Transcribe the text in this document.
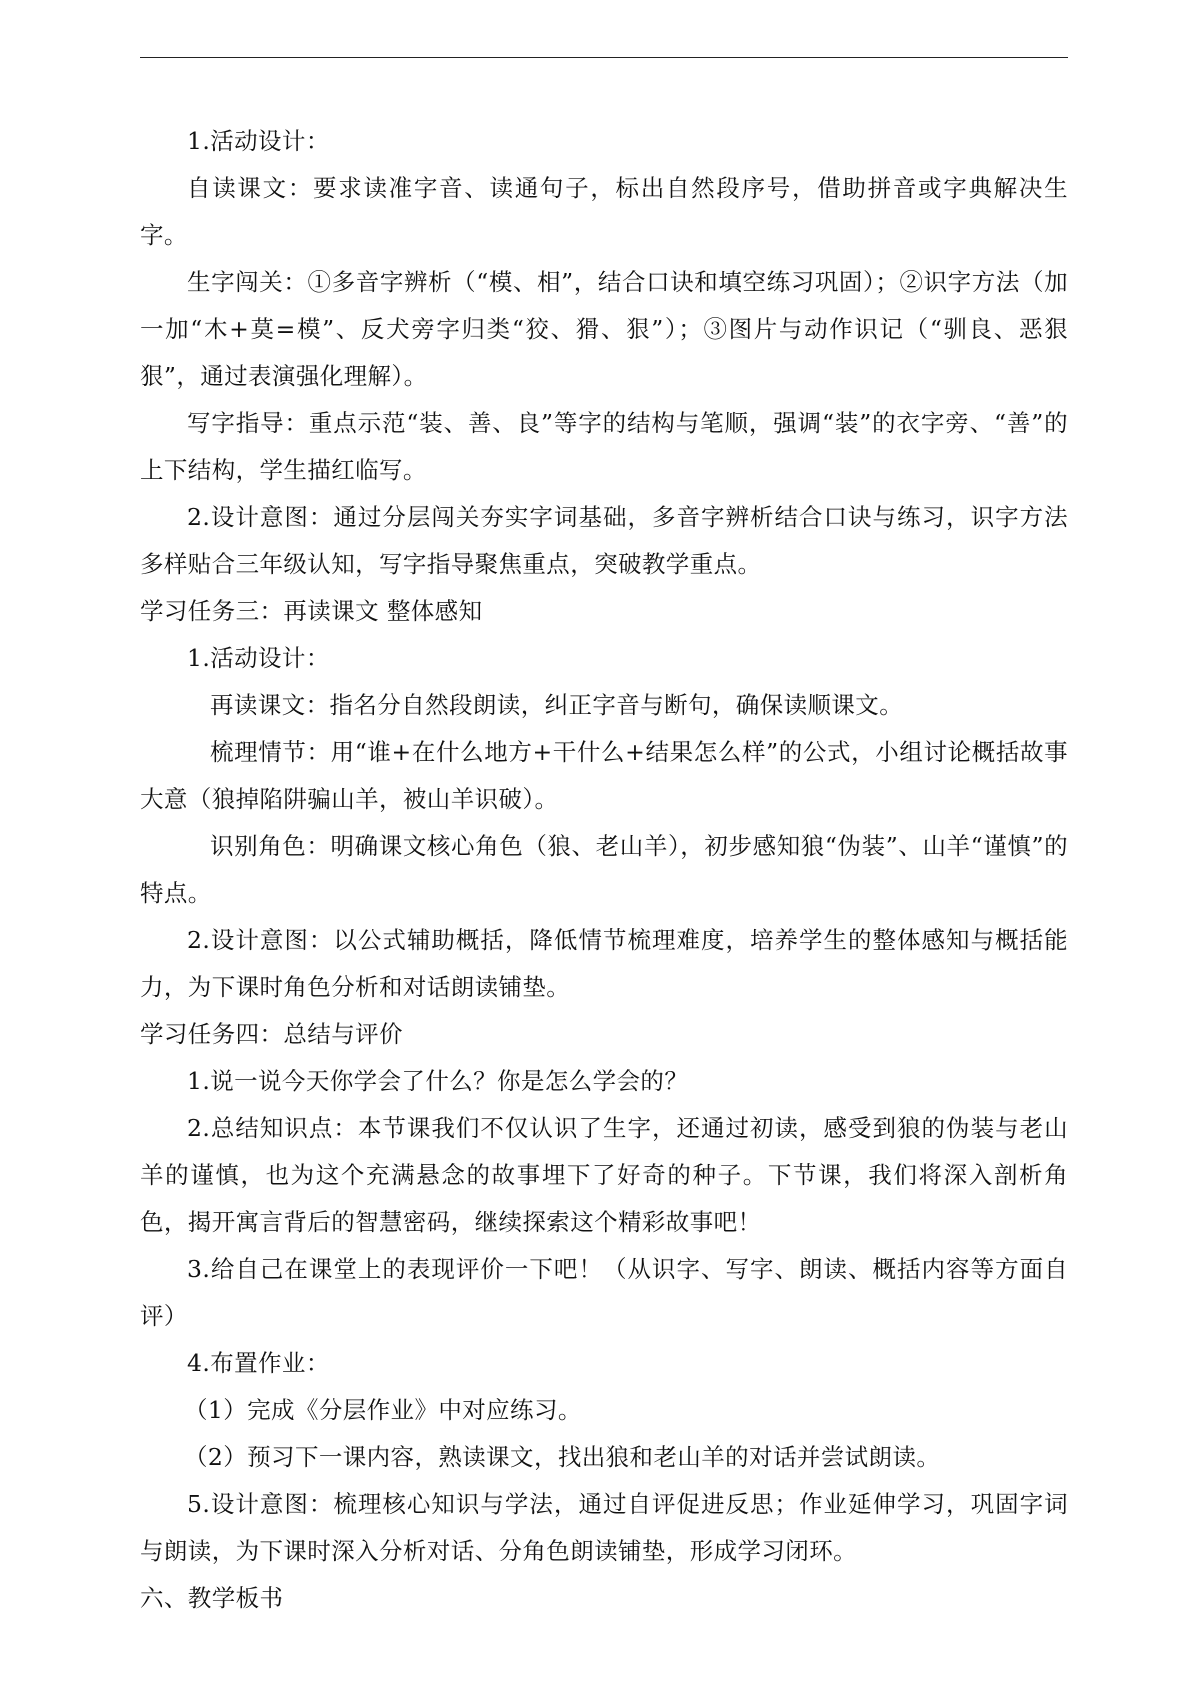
1.活动设计：

自读课文：要求读准字音、读通句子，标出自然段序号，借助拼音或字典解决生字。

生字闯关：①多音字辨析（“模、相”，结合口诀和填空练习巩固）；②识字方法（加一加“木+莫=模”、反犬旁字归类“狡、猾、狠”）；③图片与动作识记（“驯良、恶狠狠”，通过表演强化理解）。

写字指导：重点示范“装、善、良”等字的结构与笔顺，强调“装”的衣字旁、“善”的上下结构，学生描红临写。

2.设计意图：通过分层闯关夯实字词基础，多音字辨析结合口诀与练习，识字方法多样贴合三年级认知，写字指导聚焦重点，突破教学重点。

学习任务三：再读课文 整体感知

1.活动设计：

再读课文：指名分自然段朗读，纠正字音与断句，确保读顺课文。

梳理情节：用“谁+在什么地方+干什么+结果怎么样”的公式，小组讨论概括故事大意（狼掉陷阱骗山羊，被山羊识破）。

识别角色：明确课文核心角色（狼、老山羊），初步感知狼“伪装”、山羊“谨慎”的特点。

2.设计意图：以公式辅助概括，降低情节梳理难度，培养学生的整体感知与概括能力，为下课时角色分析和对话朗读铺垫。

学习任务四：总结与评价

1.说一说今天你学会了什么？你是怎么学会的？

2.总结知识点：本节课我们不仅认识了生字，还通过初读，感受到狼的伪装与老山羊的谨慎，也为这个充满悬念的故事埋下了好奇的种子。下节课，我们将深入剖析角色，揭开寓言背后的智慧密码，继续探索这个精彩故事吧！

3.给自己在课堂上的表现评价一下吧！（从识字、写字、朗读、概括内容等方面自评）

4.布置作业：

（1）完成《分层作业》中对应练习。

（2）预习下一课内容，熟读课文，找出狼和老山羊的对话并尝试朗读。

5.设计意图：梳理核心知识与学法，通过自评促进反思；作业延伸学习，巩固字词与朗读，为下课时深入分析对话、分角色朗读铺垫，形成学习闭环。

六、教学板书
